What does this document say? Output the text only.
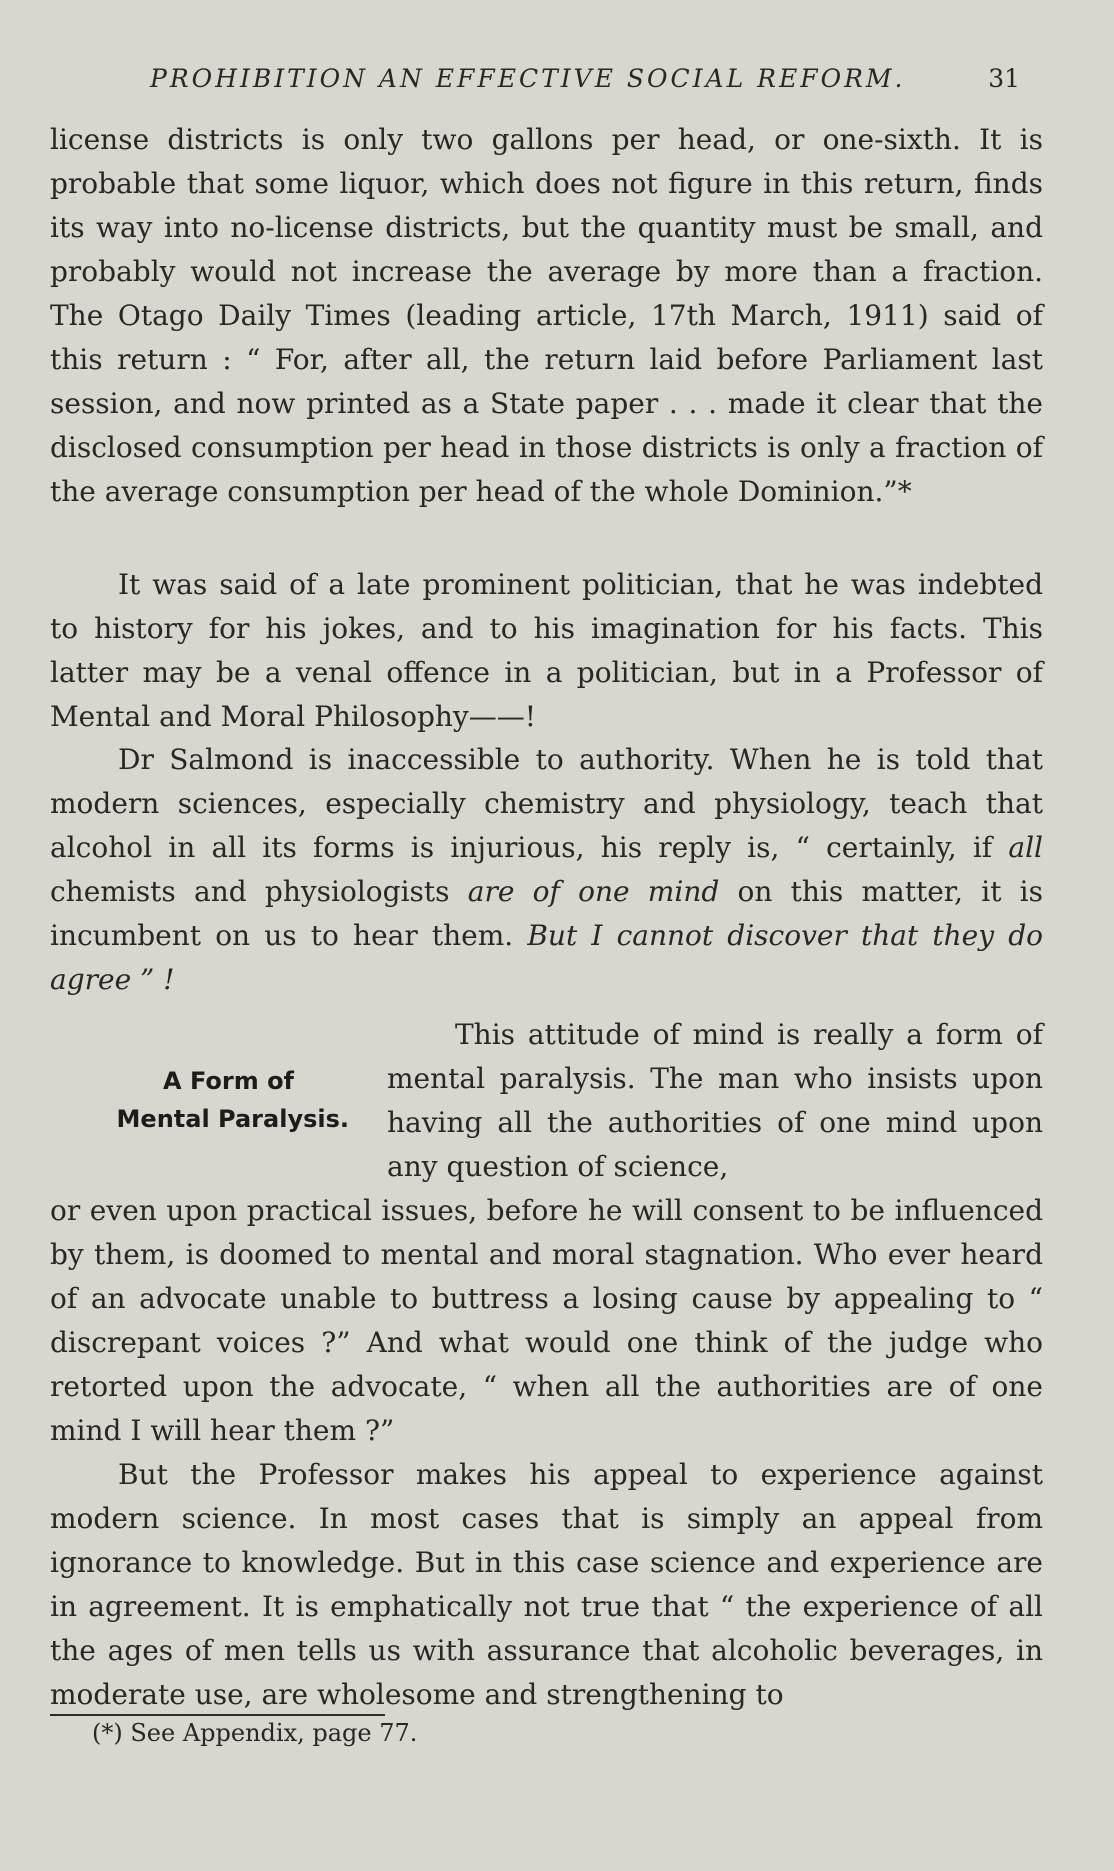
PROHIBITION AN EFFECTIVE SOCIAL REFORM.	31

license districts is only two gallons per head, or one-sixth. It is probable that some liquor, which does not figure in this return, finds its way into no-license districts, but the quantity must be small, and probably would not increase the average by more than a fraction. The Otago Daily Times (leading article, 17th March, 1911) said of this return : “ For, after all, the return laid before Parliament last session, and now printed as a State paper . . . made it clear that the disclosed consumption per head in those districts is only a fraction of the average consumption per head of the whole Dominion.”*

It was said of a late prominent politician, that he was indebted to history for his jokes, and to his imagination for his facts. This latter may be a venal offence in a politician, but in a Professor of Mental and Moral Philosophy——!

Dr Salmond is inaccessible to authority. When he is told that modern sciences, especially chemistry and physiology, teach that alcohol in all its forms is injurious, his reply is, “ certainly, if all chemists and physiologists are of one mind on this matter, it is incumbent on us to hear them. But I cannot discover that they do agree ” !

A Form of
Mental Paralysis.

This attitude of mind is really a form of mental paralysis. The man who insists upon having all the authorities of one mind upon any question of science,

or even upon practical issues, before he will consent to be influenced by them, is doomed to mental and moral stagnation. Who ever heard of an advocate unable to buttress a losing cause by appealing to “ discrepant voices ?” And what would one think of the judge who retorted upon the advocate, “ when all the authorities are of one mind I will hear them ?”

But the Professor makes his appeal to experience against modern science. In most cases that is simply an appeal from ignorance to knowledge. But in this case science and experience are in agreement. It is emphatically not true that “ the experience of all the ages of men tells us with assurance that alcoholic beverages, in moderate use, are wholesome and strengthening to

(*) See Appendix, page 77.
